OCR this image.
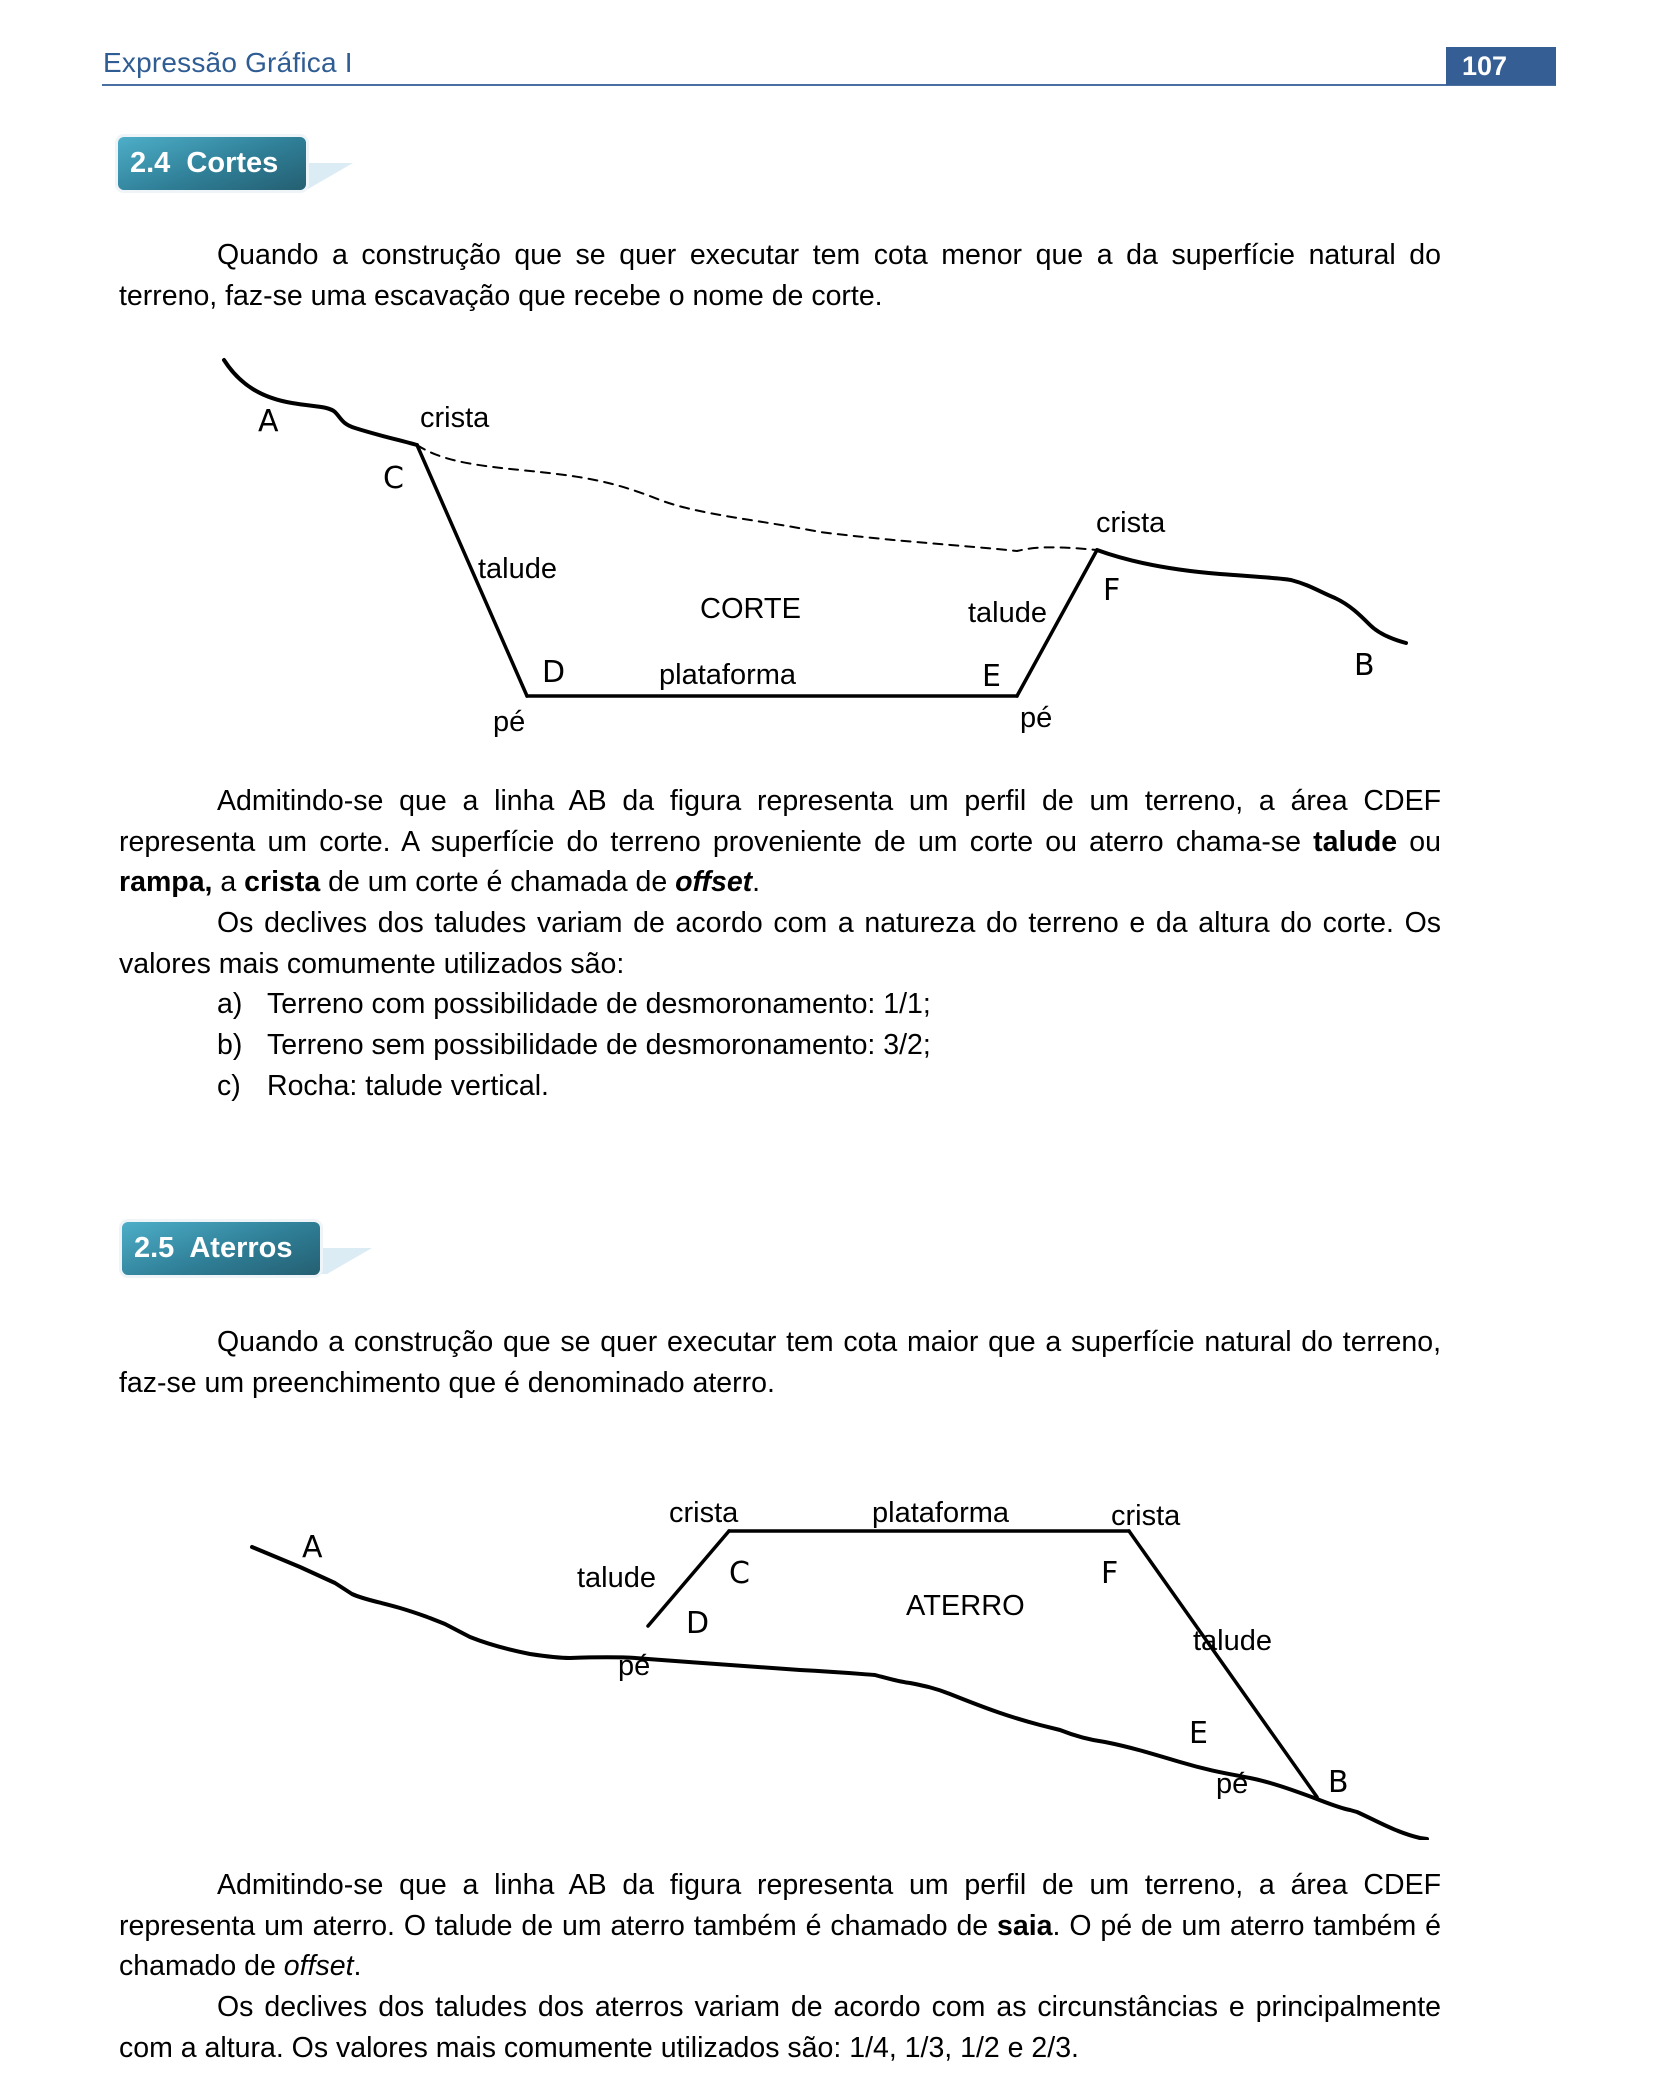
Expressão Gráfica I	107
2.4  Cortes
Quando a construção que se quer executar tem cota menor que a da superfície natural do terreno, faz-se uma escavação que recebe o nome de corte.
A
C
D	E
F
B
crista
crista
talude
talude
CORTE
plataforma
pé	pé
Admitindo-se que a linha AB da figura representa um perfil de um terreno, a área CDEF representa um corte. A superfície do terreno proveniente de um corte ou aterro chama-se talude ou rampa, a crista de um corte é chamada de offset.
Os declives dos taludes variam de acordo com a natureza do terreno e da altura do corte. Os valores mais comumente utilizados são:
a) Terreno com possibilidade de desmoronamento: 1/1;
b) Terreno sem possibilidade de desmoronamento: 3/2;
c) Rocha: talude vertical.
2.5  Aterros
Quando a construção que se quer executar tem cota maior que a superfície natural do terreno, faz-se um preenchimento que é denominado aterro.
A
C
D
F
E
B
crista	plataforma	crista
talude
ATERRO
talude
pé
pé
Admitindo-se que a linha AB da figura representa um perfil de um terreno, a área CDEF representa um aterro. O talude de um aterro também é chamado de saia. O pé de um aterro também é chamado de offset.
Os declives dos taludes dos aterros variam de acordo com as circunstâncias e principalmente com a altura. Os valores mais comumente utilizados são: 1/4, 1/3, 1/2 e 2/3.
